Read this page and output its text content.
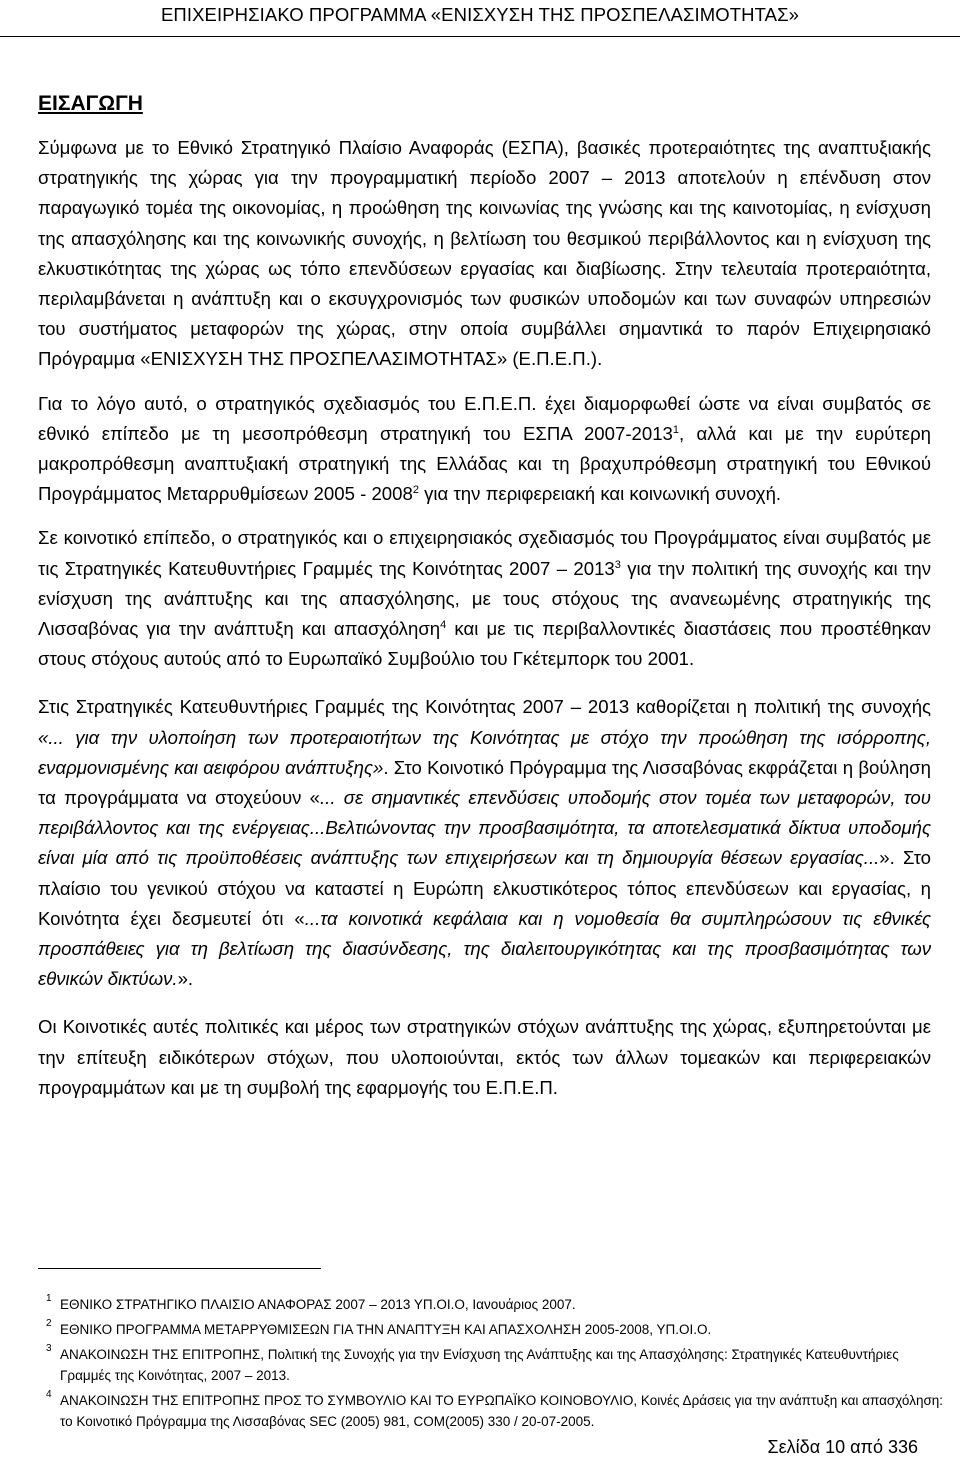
ΕΠΙΧΕΙΡΗΣΙΑΚΟ ΠΡΟΓΡΑΜΜΑ «ΕΝΙΣΧΥΣΗ ΤΗΣ ΠΡΟΣΠΕΛΑΣΙΜΟΤΗΤΑΣ»
ΕΙΣΑΓΩΓΗ

Σύμφωνα με το Εθνικό Στρατηγικό Πλαίσιο Αναφοράς (ΕΣΠΑ), βασικές προτεραιότητες της αναπτυξιακής στρατηγικής της χώρας για την προγραμματική περίοδο 2007 – 2013 αποτελούν η επένδυση στον παραγωγικό τομέα της οικονομίας, η προώθηση της κοινωνίας της γνώσης και της καινοτομίας, η ενίσχυση της απασχόλησης και της κοινωνικής συνοχής, η βελτίωση του θεσμικού περιβάλλοντος και η ενίσχυση της ελκυστικότητας της χώρας ως τόπο επενδύσεων εργασίας και διαβίωσης. Στην τελευταία προτεραιότητα, περιλαμβάνεται η ανάπτυξη και ο εκσυγχρονισμός των φυσικών υποδομών και των συναφών υπηρεσιών του συστήματος μεταφορών της χώρας, στην οποία συμβάλλει σημαντικά το παρόν Επιχειρησιακό Πρόγραμμα «ΕΝΙΣΧΥΣΗ ΤΗΣ ΠΡΟΣΠΕΛΑΣΙΜΟΤΗΤΑΣ» (Ε.Π.Ε.Π.).

Για το λόγο αυτό, ο στρατηγικός σχεδιασμός του Ε.Π.Ε.Π. έχει διαμορφωθεί ώστε να είναι συμβατός σε εθνικό επίπεδο με τη μεσοπρόθεσμη στρατηγική του ΕΣΠΑ 2007-2013$^1$, αλλά και με την ευρύτερη μακροπρόθεσμη αναπτυξιακή στρατηγική της Ελλάδας και τη βραχυπρόθεσμη στρατηγική του Εθνικού Προγράμματος Μεταρρυθμίσεων 2005 - 2008$^2$ για την περιφερειακή και κοινωνική συνοχή.

Σε κοινοτικό επίπεδο, ο στρατηγικός και ο επιχειρησιακός σχεδιασμός του Προγράμματος είναι συμβατός με τις Στρατηγικές Κατευθυντήριες Γραμμές της Κοινότητας 2007 – 2013$^3$ για την πολιτική της συνοχής και την ενίσχυση της ανάπτυξης και της απασχόλησης, με τους στόχους της ανανεωμένης στρατηγικής της Λισσαβόνας για την ανάπτυξη και απασχόληση$^4$ και με τις περιβαλλοντικές διαστάσεις που προστέθηκαν στους στόχους αυτούς από το Ευρωπαϊκό Συμβούλιο του Γκέτεμπορκ του 2001.

Στις Στρατηγικές Κατευθυντήριες Γραμμές της Κοινότητας 2007 – 2013 καθορίζεται η πολιτική της συνοχής «... για την υλοποίηση των προτεραιοτήτων της Κοινότητας με στόχο την προώθηση της ισόρροπης, εναρμονισμένης και αειφόρου ανάπτυξης». Στο Κοινοτικό Πρόγραμμα της Λισσαβόνας εκφράζεται η βούληση τα προγράμματα να στοχεύουν «... σε σημαντικές επενδύσεις υποδομής στον τομέα των μεταφορών, του περιβάλλοντος και της ενέργειας...Βελτιώνοντας την προσβασιμότητα, τα αποτελεσματικά δίκτυα υποδομής είναι μία από τις προϋποθέσεις ανάπτυξης των επιχειρήσεων και τη δημιουργία θέσεων εργασίας...». Στο πλαίσιο του γενικού στόχου να καταστεί η Ευρώπη ελκυστικότερος τόπος επενδύσεων και εργασίας, η Κοινότητα έχει δεσμευτεί ότι «...τα κοινοτικά κεφάλαια και η νομοθεσία θα συμπληρώσουν τις εθνικές προσπάθειες για τη βελτίωση της διασύνδεσης, της διαλειτουργικότητας και της προσβασιμότητας των εθνικών δικτύων.».

Οι Κοινοτικές αυτές πολιτικές και μέρος των στρατηγικών στόχων ανάπτυξης της χώρας, εξυπηρετούνται με την επίτευξη ειδικότερων στόχων, που υλοποιούνται, εκτός των άλλων τομεακών και περιφερειακών προγραμμάτων και με τη συμβολή της εφαρμογής του Ε.Π.Ε.Π.

1 ΕΘΝΙΚΟ ΣΤΡΑΤΗΓΙΚΟ ΠΛΑΙΣΙΟ ΑΝΑΦΟΡΑΣ 2007 – 2013 ΥΠ.ΟΙ.Ο, Ιανουάριος 2007.
2 ΕΘΝΙΚΟ ΠΡΟΓΡΑΜΜΑ ΜΕΤΑΡΡΥΘΜΙΣΕΩΝ ΓΙΑ ΤΗΝ ΑΝΑΠΤΥΞΗ ΚΑΙ ΑΠΑΣΧΟΛΗΣΗ 2005-2008, ΥΠ.ΟΙ.Ο.
3 ΑΝΑΚΟΙΝΩΣΗ ΤΗΣ ΕΠΙΤΡΟΠΗΣ, Πολιτική της Συνοχής για την Ενίσχυση της Ανάπτυξης και της Απασχόλησης: Στρατηγικές Κατευθυντήριες Γραμμές της Κοινότητας, 2007 – 2013.
4 ΑΝΑΚΟΙΝΩΣΗ ΤΗΣ ΕΠΙΤΡΟΠΗΣ ΠΡΟΣ ΤΟ ΣΥΜΒΟΥΛΙΟ ΚΑΙ ΤΟ ΕΥΡΩΠΑΪΚΟ ΚΟΙΝΟΒΟΥΛΙΟ, Κοινές Δράσεις για την ανάπτυξη και απασχόληση: το Κοινοτικό Πρόγραμμα της Λισσαβόνας SEC (2005) 981, COM(2005) 330 / 20-07-2005.
Σελίδα 10 από 336
